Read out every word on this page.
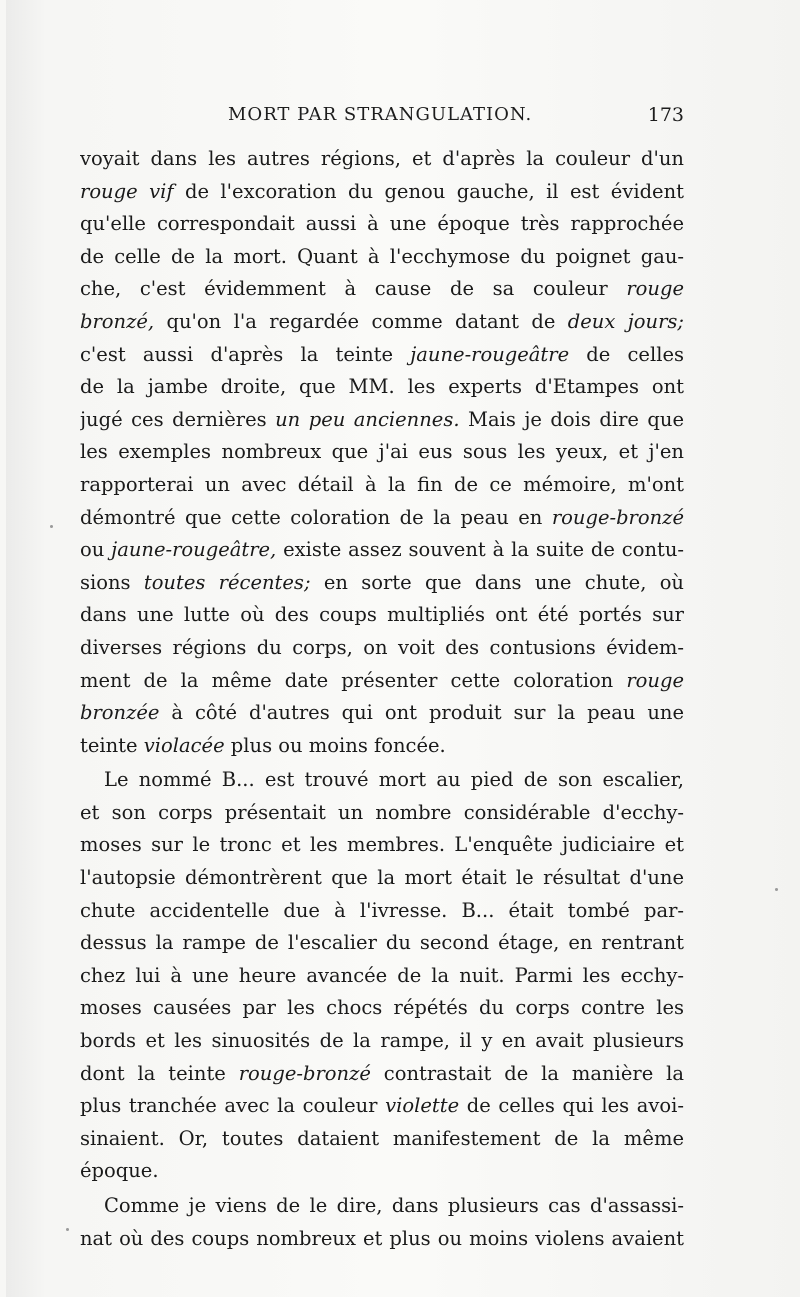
MORT PAR STRANGULATION.	173
voyait dans les autres régions, et d'après la couleur d'un
rouge vif de l'excoration du genou gauche, il est évident
qu'elle correspondait aussi à une époque très rapprochée
de celle de la mort. Quant à l'ecchymose du poignet gau-
che, c'est évidemment à cause de sa couleur rouge
bronzé, qu'on l'a regardée comme datant de deux jours;
c'est aussi d'après la teinte jaune-rougeâtre de celles
de la jambe droite, que MM. les experts d'Etampes ont
jugé ces dernières un peu anciennes. Mais je dois dire que
les exemples nombreux que j'ai eus sous les yeux, et j'en
rapporterai un avec détail à la fin de ce mémoire, m'ont
démontré que cette coloration de la peau en rouge-bronzé
ou jaune-rougeâtre, existe assez souvent à la suite de contu-
sions toutes récentes; en sorte que dans une chute, où
dans une lutte où des coups multipliés ont été portés sur
diverses régions du corps, on voit des contusions évidem-
ment de la même date présenter cette coloration rouge
bronzée à côté d'autres qui ont produit sur la peau une
teinte violacée plus ou moins foncée.
Le nommé B... est trouvé mort au pied de son escalier,
et son corps présentait un nombre considérable d'ecchy-
moses sur le tronc et les membres. L'enquête judiciaire et
l'autopsie démontrèrent que la mort était le résultat d'une
chute accidentelle due à l'ivresse. B... était tombé par-
dessus la rampe de l'escalier du second étage, en rentrant
chez lui à une heure avancée de la nuit. Parmi les ecchy-
moses causées par les chocs répétés du corps contre les
bords et les sinuosités de la rampe, il y en avait plusieurs
dont la teinte rouge-bronzé contrastait de la manière la
plus tranchée avec la couleur violette de celles qui les avoi-
sinaient. Or, toutes dataient manifestement de la même
époque.
Comme je viens de le dire, dans plusieurs cas d'assassi-
nat où des coups nombreux et plus ou moins violens avaient
